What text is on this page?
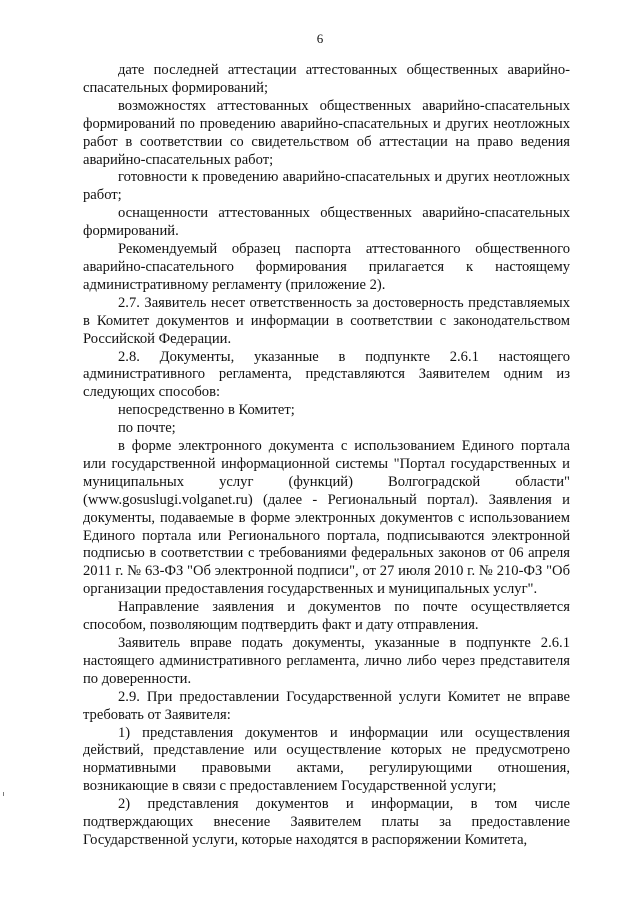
6

дате последней аттестации аттестованных общественных аварийно-спасательных формирований;

возможностях аттестованных общественных аварийно-спасательных формирований по проведению аварийно-спасательных и других неотложных работ в соответствии со свидетельством об аттестации на право ведения аварийно-спасательных работ;

готовности к проведению аварийно-спасательных и других неотложных работ;

оснащенности аттестованных общественных аварийно-спасательных формирований.

Рекомендуемый образец паспорта аттестованного общественного аварийно-спасательного формирования прилагается к настоящему административному регламенту (приложение 2).

2.7. Заявитель несет ответственность за достоверность представляемых в Комитет документов и информации в соответствии с законодательством Российской Федерации.

2.8. Документы, указанные в подпункте 2.6.1 настоящего административного регламента, представляются Заявителем одним из следующих способов:

непосредственно в Комитет;

по почте;

в форме электронного документа с использованием Единого портала или государственной информационной системы "Портал государственных и муниципальных услуг (функций) Волгоградской области" (www.gosuslugi.volganet.ru) (далее - Региональный портал). Заявления и документы, подаваемые в форме электронных документов с использованием Единого портала или Регионального портала, подписываются электронной подписью в соответствии с требованиями федеральных законов от 06 апреля 2011 г. № 63-ФЗ "Об электронной подписи", от 27 июля 2010 г. № 210-ФЗ "Об организации предоставления государственных и муниципальных услуг".

Направление заявления и документов по почте осуществляется способом, позволяющим подтвердить факт и дату отправления.

Заявитель вправе подать документы, указанные в подпункте 2.6.1 настоящего административного регламента, лично либо через представителя по доверенности.

2.9. При предоставлении Государственной услуги Комитет не вправе требовать от Заявителя:

1) представления документов и информации или осуществления действий, представление или осуществление которых не предусмотрено нормативными правовыми актами, регулирующими отношения, возникающие в связи с предоставлением Государственной услуги;

2) представления документов и информации, в том числе подтверждающих внесение Заявителем платы за предоставление Государственной услуги, которые находятся в распоряжении Комитета,
